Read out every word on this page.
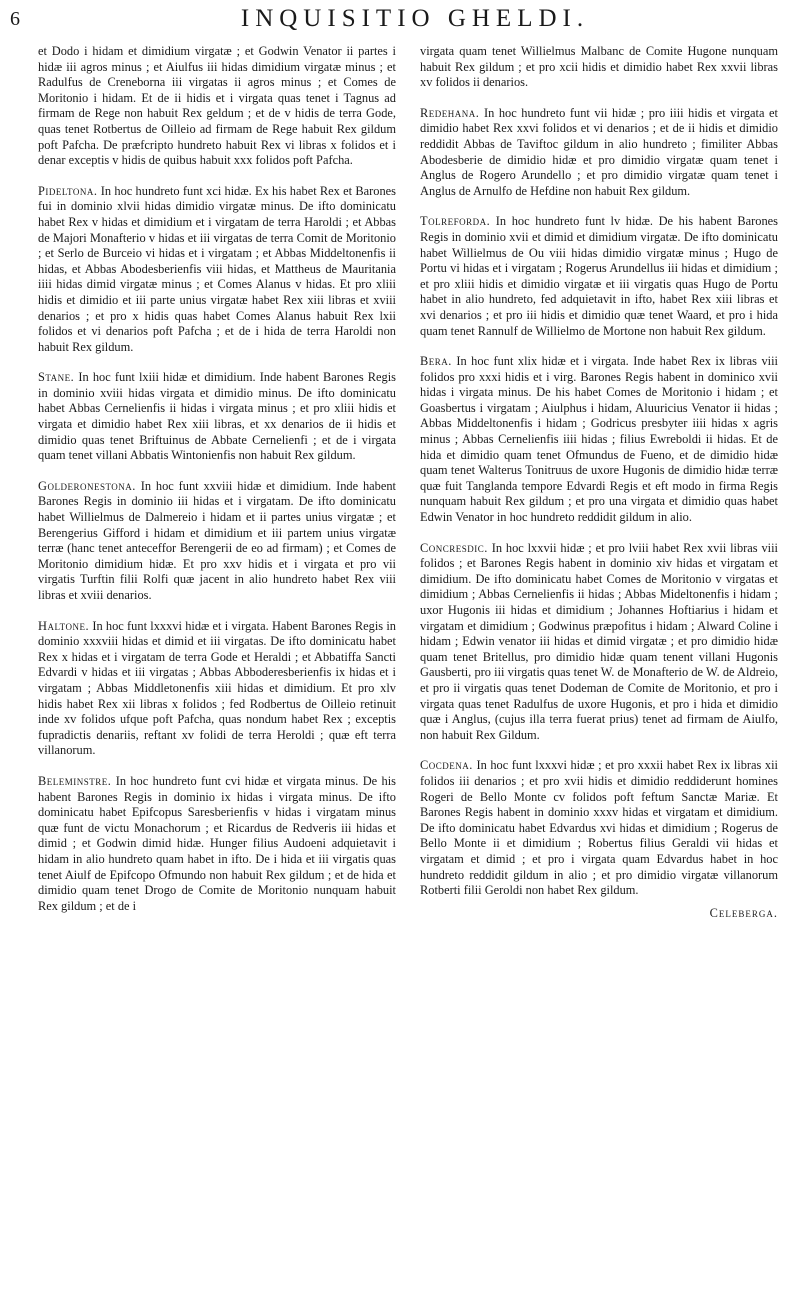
6	INQUISITIO GHELDI.

et Dodo i hidam et dimidium virgatæ ; et Godwin Venator ii partes i hidæ iii agros minus ; et Aiulfus iii hidas dimidium virgatæ minus ; et Radulfus de Creneborna iii virgatas ii agros minus ; et Comes de Moritonio i hidam. Et de ii hidis et i virgata quas tenet i Tagnus ad firmam de Rege non habuit Rex geldum ; et de v hidis de terra Gode, quas tenet Rotbertus de Oilleio ad firmam de Rege habuit Rex gildum poft Pafcha. De præfcripto hundreto habuit Rex vi libras x folidos et i denar exceptis v hidis de quibus habuit xxx folidos poft Pafcha.

Pideltona. In hoc hundreto funt xci hidæ. Ex his habet Rex et Barones fui in dominio xlvii hidas dimidio virgatæ minus. De ifto dominicatu habet Rex v hidas et dimidium et i virgatam de terra Haroldi ; et Abbas de Majori Monafterio v hidas et iii virgatas de terra Comit de Moritonio ; et Serlo de Burceio vi hidas et i virgatam ; et Abbas Middeltonenfis ii hidas, et Abbas Abodesberienfis viii hidas, et Mattheus de Mauritania iiii hidas dimid virgatæ minus ; et Comes Alanus v hidas. Et pro xliii hidis et dimidio et iii parte unius virgatæ habet Rex xiii libras et xviii denarios ; et pro x hidis quas habet Comes Alanus habuit Rex lxii folidos et vi denarios poft Pafcha ; et de i hida de terra Haroldi non habuit Rex gildum.

Stane. In hoc funt lxiii hidæ et dimidium. Inde habent Barones Regis in dominio xviii hidas virgata et dimidio minus. De ifto dominicatu habet Abbas Cernelienfis ii hidas i virgata minus ; et pro xliii hidis et virgata et dimidio habet Rex xiii libras, et xx denarios de ii hidis et dimidio quas tenet Briftuinus de Abbate Cernelienfi ; et de i virgata quam tenet villani Abbatis Wintonienfis non habuit Rex gildum.

Golderonestona. In hoc funt xxviii hidæ et dimidium. Inde habent Barones Regis in dominio iii hidas et i virgatam. De ifto dominicatu habet Willielmus de Dalmereio i hidam et ii partes unius virgatæ ; et Berengerius Gifford i hidam et dimidium et iii partem unius virgatæ terræ (hanc tenet anteceffor Berengerii de eo ad firmam) ; et Comes de Moritonio dimidium hidæ. Et pro xxv hidis et i virgata et pro vii virgatis Turftin filii Rolfi quæ jacent in alio hundreto habet Rex viii libras et xviii denarios.

Haltone. In hoc funt lxxxvi hidæ et i virgata. Habent Barones Regis in dominio xxxviii hidas et dimid et iii virgatas. De ifto dominicatu habet Rex x hidas et i virgatam de terra Gode et Heraldi ; et Abbatiffa Sancti Edvardi v hidas et iii virgatas ; Abbas Abboderesberienfis ix hidas et i virgatam ; Abbas Middletonenfis xiii hidas et dimidium. Et pro xlv hidis habet Rex xii libras x folidos ; fed Rodbertus de Oilleio retinuit inde xv folidos ufque poft Pafcha, quas nondum habet Rex ; exceptis fupradictis denariis, reftant xv folidi de terra Heroldi ; quæ eft terra villanorum.

Beleminstre. In hoc hundreto funt cvi hidæ et virgata minus. De his habent Barones Regis in dominio ix hidas i virgata minus. De ifto dominicatu habet Epifcopus Saresberienfis v hidas i virgatam minus quæ funt de victu Monachorum ; et Ricardus de Redveris iii hidas et dimid ; et Godwin dimid hidæ. Hunger filius Audoeni adquietavit i hidam in alio hundreto quam habet in ifto. De i hida et iii virgatis quas tenet Aiulf de Epifcopo Ofmundo non habuit Rex gildum ; et de hida et dimidio quam tenet Drogo de Comite de Moritonio nunquam habuit Rex gildum ; et de i

virgata quam tenet Willielmus Malbanc de Comite Hugone nunquam habuit Rex gildum ; et pro xcii hidis et dimidio habet Rex xxvii libras xv folidos ii denarios.

Redehana. In hoc hundreto funt vii hidæ ; pro iiii hidis et virgata et dimidio habet Rex xxvi folidos et vi denarios ; et de ii hidis et dimidio reddidit Abbas de Taviftoc gildum in alio hundreto ; fimiliter Abbas Abodesberie de dimidio hidæ et pro dimidio virgatæ quam tenet i Anglus de Rogero Arundello ; et pro dimidio virgatæ quam tenet i Anglus de Arnulfo de Hefdine non habuit Rex gildum.

Tolreforda. In hoc hundreto funt lv hidæ. De his habent Barones Regis in dominio xvii et dimid et dimidium virgatæ. De ifto dominicatu habet Willielmus de Ou viii hidas dimidio virgatæ minus ; Hugo de Portu vi hidas et i virgatam ; Rogerus Arundellus iii hidas et dimidium ; et pro xliii hidis et dimidio virgatæ et iii virgatis quas Hugo de Portu habet in alio hundreto, fed adquietavit in ifto, habet Rex xiii libras et xvi denarios ; et pro iii hidis et dimidio quæ tenet Waard, et pro i hida quam tenet Rannulf de Willielmo de Mortone non habuit Rex gildum.

Bera. In hoc funt xlix hidæ et i virgata. Inde habet Rex ix libras viii folidos pro xxxi hidis et i virg. Barones Regis habent in dominico xvii hidas i virgata minus. De his habet Comes de Moritonio i hidam ; et Goasbertus i virgatam ; Aiulphus i hidam, Aluuricius Venator ii hidas ; Abbas Middeltonenfis i hidam ; Godricus presbyter iiii hidas x agris minus ; Abbas Cernelienfis iiii hidas ; filius Ewreboldi ii hidas. Et de hida et dimidio quam tenet Ofmundus de Fueno, et de dimidio hidæ quam tenet Walterus Tonitruus de uxore Hugonis de dimidio hidæ terræ quæ fuit Tanglanda tempore Edvardi Regis et eft modo in firma Regis nunquam habuit Rex gildum ; et pro una virgata et dimidio quas habet Edwin Venator in hoc hundreto reddidit gildum in alio.

Concresdic. In hoc lxxvii hidæ ; et pro lviii habet Rex xvii libras viii folidos ; et Barones Regis habent in dominio xiv hidas et virgatam et dimidium. De ifto dominicatu habet Comes de Moritonio v virgatas et dimidium ; Abbas Cernelienfis ii hidas ; Abbas Mideltonenfis i hidam ; uxor Hugonis iii hidas et dimidium ; Johannes Hoftiarius i hidam et virgatam et dimidium ; Godwinus præpofitus i hidam ; Alward Coline i hidam ; Edwin venator iii hidas et dimid virgatæ ; et pro dimidio hidæ quam tenet Britellus, pro dimidio hidæ quam tenent villani Hugonis Gausberti, pro iii virgatis quas tenet W. de Monafterio de W. de Aldreio, et pro ii virgatis quas tenet Dodeman de Comite de Moritonio, et pro i virgata quas tenet Radulfus de uxore Hugonis, et pro i hida et dimidio quæ i Anglus, (cujus illa terra fuerat prius) tenet ad firmam de Aiulfo, non habuit Rex Gildum.

Cocdena. In hoc funt lxxxvi hidæ ; et pro xxxii habet Rex ix libras xii folidos iii denarios ; et pro xvii hidis et dimidio reddiderunt homines Rogeri de Bello Monte cv folidos poft feftum Sanctæ Mariæ. Et Barones Regis habent in dominio xxxv hidas et virgatam et dimidium. De ifto dominicatu habet Edvardus xvi hidas et dimidium ; Rogerus de Bello Monte ii et dimidium ; Robertus filius Geraldi vii hidas et virgatam et dimid ; et pro i virgata quam Edvardus habet in hoc hundreto reddidit gildum in alio ; et pro dimidio virgatæ villanorum Rotberti filii Geroldi non habet Rex gildum.

Celeberga.
